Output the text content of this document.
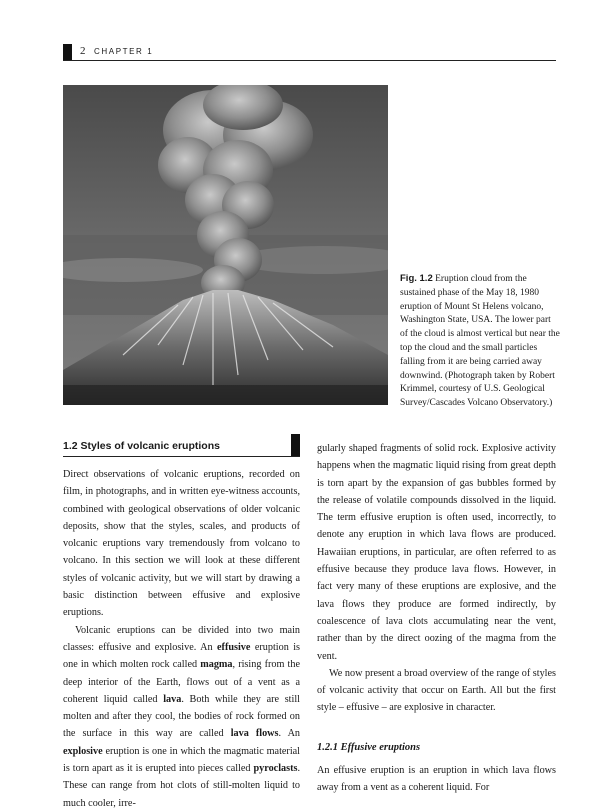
2 CHAPTER 1
Fig. 1.2 Eruption cloud from the sustained phase of the May 18, 1980 eruption of Mount St Helens volcano, Washington State, USA. The lower part of the cloud is almost vertical but near the top the cloud and the small particles falling from it are being carried away downwind. (Photograph taken by Robert Krimmel, courtesy of U.S. Geological Survey/Cascades Volcano Observatory.)
1.2 Styles of volcanic eruptions

Direct observations of volcanic eruptions, recorded on film, in photographs, and in written eye-witness accounts, combined with geological observations of older volcanic deposits, show that the styles, scales, and products of volcanic eruptions vary tremendously from volcano to volcano. In this section we will look at these different styles of volcanic activity, but we will start by drawing a basic distinction between effusive and explosive eruptions.

Volcanic eruptions can be divided into two main classes: effusive and explosive. An effusive eruption is one in which molten rock called magma, rising from the deep interior of the Earth, flows out of a vent as a coherent liquid called lava. Both while they are still molten and after they cool, the bodies of rock formed on the surface in this way are called lava flows. An explosive eruption is one in which the magmatic material is torn apart as it is erupted into pieces called pyroclasts. These can range from hot clots of still-molten liquid to much cooler, irre-

gularly shaped fragments of solid rock. Explosive activity happens when the magmatic liquid rising from great depth is torn apart by the expansion of gas bubbles formed by the release of volatile compounds dissolved in the liquid. The term effusive eruption is often used, incorrectly, to denote any eruption in which lava flows are produced. Hawaiian eruptions, in particular, are often referred to as effusive because they produce lava flows. However, in fact very many of these eruptions are explosive, and the lava flows they produce are formed indirectly, by coalescence of lava clots accumulating near the vent, rather than by the direct oozing of the magma from the vent.

We now present a broad overview of the range of styles of volcanic activity that occur on Earth. All but the first style – effusive – are explosive in character.

1.2.1 Effusive eruptions

An effusive eruption is an eruption in which lava flows away from a vent as a coherent liquid. For
